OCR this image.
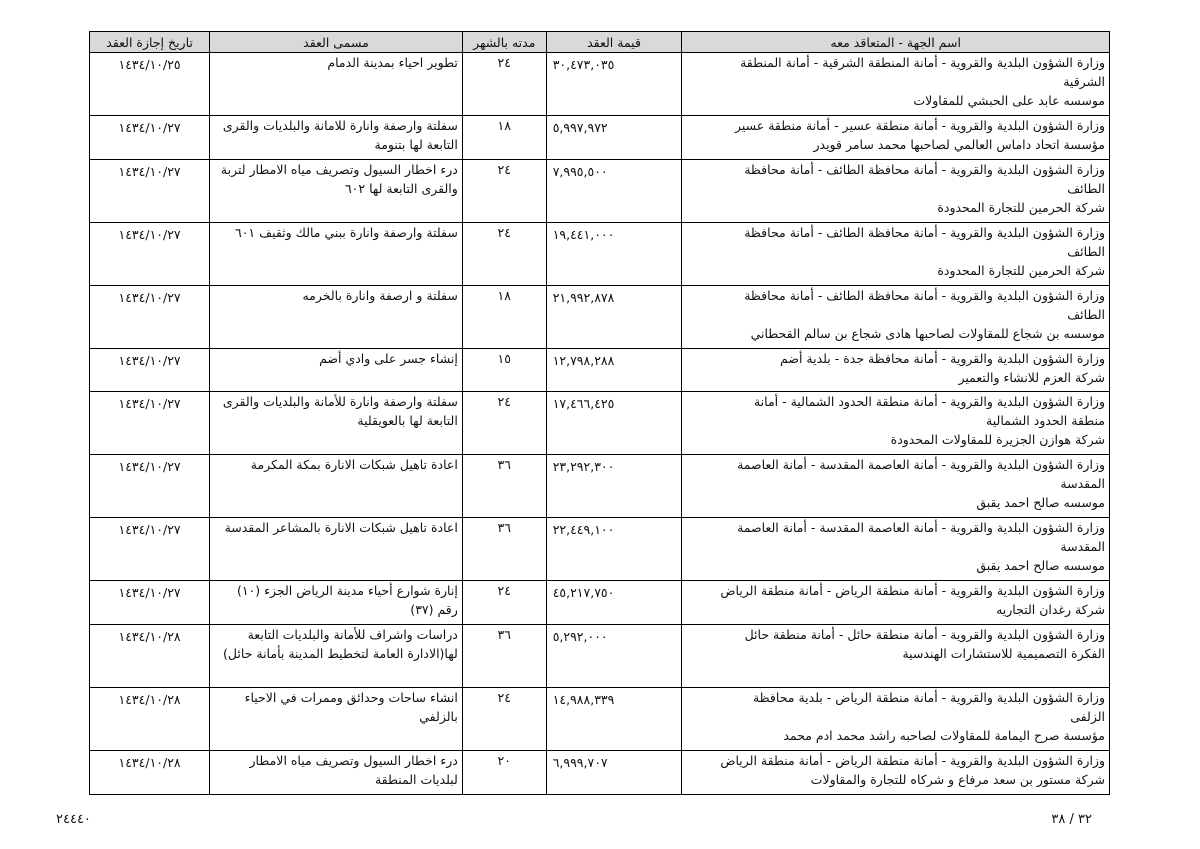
اسم الجهة - المتعاقد معه	قيمة العقد	مدته بالشهر	مسمى العقد	تاريخ إجازة العقد

وزارة الشؤون البلدية والقروية - أمانة المنطقة الشرقية - أمانة المنطقة
الشرقية
موسسه عابد على الحبشي للمقاولات	٣٠,٤٧٣,٠٣٥	٢٤	تطوير احياء بمدينة الدمام	١٤٣٤/١٠/٢٥

وزارة الشؤون البلدية والقروية - أمانة منطقة عسير - أمانة منطقة عسير
مؤسسة اتحاد داماس العالمي لصاحبها محمد سامر قويدر	٥,٩٩٧,٩٧٢	١٨	سفلتة وارصفة وانارة للامانة والبلديات والقرى التابعة لها بتنومة	١٤٣٤/١٠/٢٧

وزارة الشؤون البلدية والقروية - أمانة محافظة الطائف - أمانة محافظة
الطائف
شركة الحرمين للتجارة المحدودة	٧,٩٩٥,٥٠٠	٢٤	درء اخطار السيول وتصريف مياه الامطار لتربة والقرى التابعة لها ٦٠٢	١٤٣٤/١٠/٢٧

وزارة الشؤون البلدية والقروية - أمانة محافظة الطائف - أمانة محافظة
الطائف
شركة الحرمين للتجارة المحدودة	١٩,٤٤١,٠٠٠	٢٤	سفلتة وارصفة وانارة ببني مالك وثقيف ٦٠١	١٤٣٤/١٠/٢٧

وزارة الشؤون البلدية والقروية - أمانة محافظة الطائف - أمانة محافظة
الطائف
موسسه بن شجاع للمقاولات لصاحبها هادى شجاع بن سالم القحطاني	٢١,٩٩٢,٨٧٨	١٨	سفلتة و ارصفة وانارة بالخرمه	١٤٣٤/١٠/٢٧

وزارة الشؤون البلدية والقروية - أمانة محافظة جدة - بلدية أضم
شركة العزم للانشاء والتعمير	١٢,٧٩٨,٢٨٨	١٥	إنشاء جسر على وادي أضم	١٤٣٤/١٠/٢٧

وزارة الشؤون البلدية والقروية - أمانة منطقة الحدود الشمالية - أمانة
منطقة الحدود الشمالية
شركة هوازن الجزيرة للمقاولات المحدودة	١٧,٤٦٦,٤٢٥	٢٤	سفلتة وارصفة وانارة للأمانة والبلديات والقرى التابعة لها بالعويقلية	١٤٣٤/١٠/٢٧

وزارة الشؤون البلدية والقروية - أمانة العاصمة المقدسة - أمانة العاصمة
المقدسة
موسسه صالح احمد يقبق	٢٣,٢٩٢,٣٠٠	٣٦	اعادة تاهيل شبكات الانارة بمكة المكرمة	١٤٣٤/١٠/٢٧

وزارة الشؤون البلدية والقروية - أمانة العاصمة المقدسة - أمانة العاصمة
المقدسة
موسسه صالح احمد يقبق	٢٢,٤٤٩,١٠٠	٣٦	اعادة تاهيل شبكات الانارة بالمشاعر المقدسة	١٤٣٤/١٠/٢٧

وزارة الشؤون البلدية والقروية - أمانة منطقة الرياض - أمانة منطقة الرياض
شركة رغدان التجاريه	٤٥,٢١٧,٧٥٠	٢٤	إنارة شوارع أحياء مدينة الرياض الجزء (١٠) رقم (٣٧)	١٤٣٤/١٠/٢٧

وزارة الشؤون البلدية والقروية - أمانة منطقة حائل - أمانة منطقة حائل
الفكرة التصميمية للاستشارات الهندسية	٥,٢٩٢,٠٠٠	٣٦	دراسات واشراف للأمانة والبلديات التابعة لها(الادارة العامة لتخطيط المدينة بأمانة حائل)	١٤٣٤/١٠/٢٨

وزارة الشؤون البلدية والقروية - أمانة منطقة الرياض - بلدية محافظة
الزلفى
مؤسسة صرح اليمامة للمقاولات لصاحبه راشد محمد ادم محمد	١٤,٩٨٨,٣٣٩	٢٤	انشاء ساحات وحدائق وممرات في الاحياء بالزلفي	١٤٣٤/١٠/٢٨

وزارة الشؤون البلدية والقروية - أمانة منطقة الرياض - أمانة منطقة الرياض
شركة مستور بن سعد مرفاع و شركاه للتجارة والمقاولات	٦,٩٩٩,٧٠٧	٢٠	درء اخطار السيول وتصريف مياه الامطار لبلديات المنطقة	١٤٣٤/١٠/٢٨
٣٢ / ٣٨
٢٤٤٤٠
